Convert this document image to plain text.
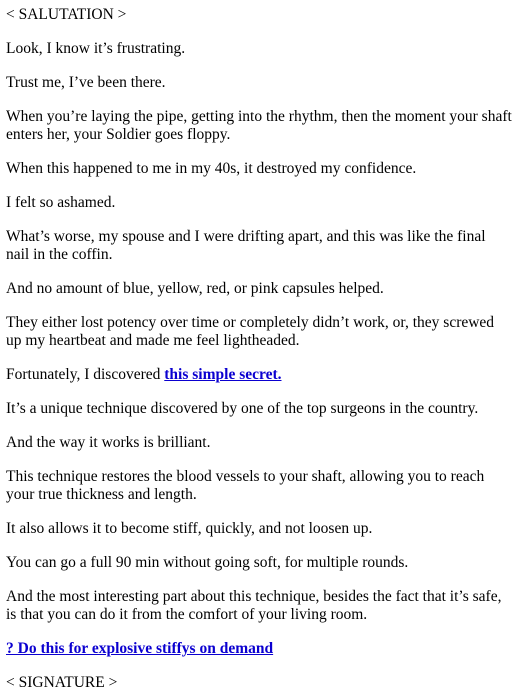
< SALUTATION >

Look, I know it’s frustrating.

Trust me, I’ve been there.

When you’re laying the pipe, getting into the rhythm, then the moment your shaft enters her, your Soldier goes floppy.

When this happened to me in my 40s, it destroyed my confidence.

I felt so ashamed.

What’s worse, my spouse and I were drifting apart, and this was like the final nail in the coffin.

And no amount of blue, yellow, red, or pink capsules helped.

They either lost potency over time or completely didn’t work, or, they screwed up my heartbeat and made me feel lightheaded.

Fortunately, I discovered this simple secret.

It’s a unique technique discovered by one of the top surgeons in the country.

And the way it works is brilliant.

This technique restores the blood vessels to your shaft, allowing you to reach your true thickness and length.

It also allows it to become stiff, quickly, and not loosen up.

You can go a full 90 min without going soft, for multiple rounds.

And the most interesting part about this technique, besides the fact that it’s safe, is that you can do it from the comfort of your living room.

? Do this for explosive stiffys on demand

< SIGNATURE >
